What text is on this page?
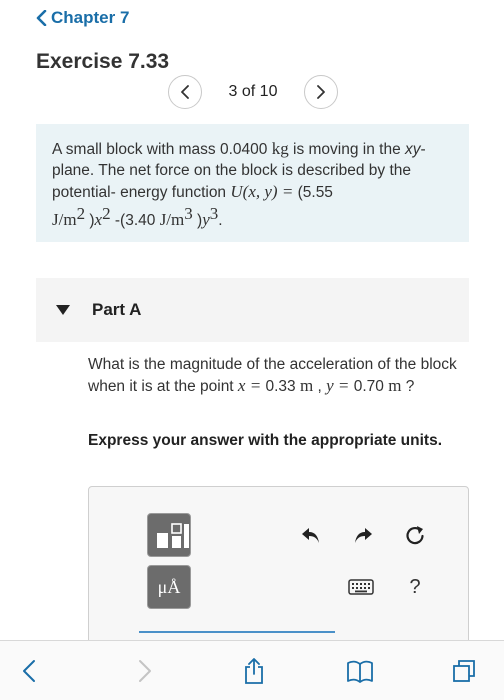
Chapter 7
Exercise 7.33
3 of 10
A small block with mass 0.0400 kg is moving in the xy-plane. The net force on the block is described by the potential- energy function U(x, y) = (5.55
$J/m^2$ )$x^2$ -(3.40 $J/m^3$ )$y^3$.
Part A
What is the magnitude of the acceleration of the block when it is at the point x = 0.33 m , y = 0.70 m ?
Express your answer with the appropriate units.
μÅ	?
